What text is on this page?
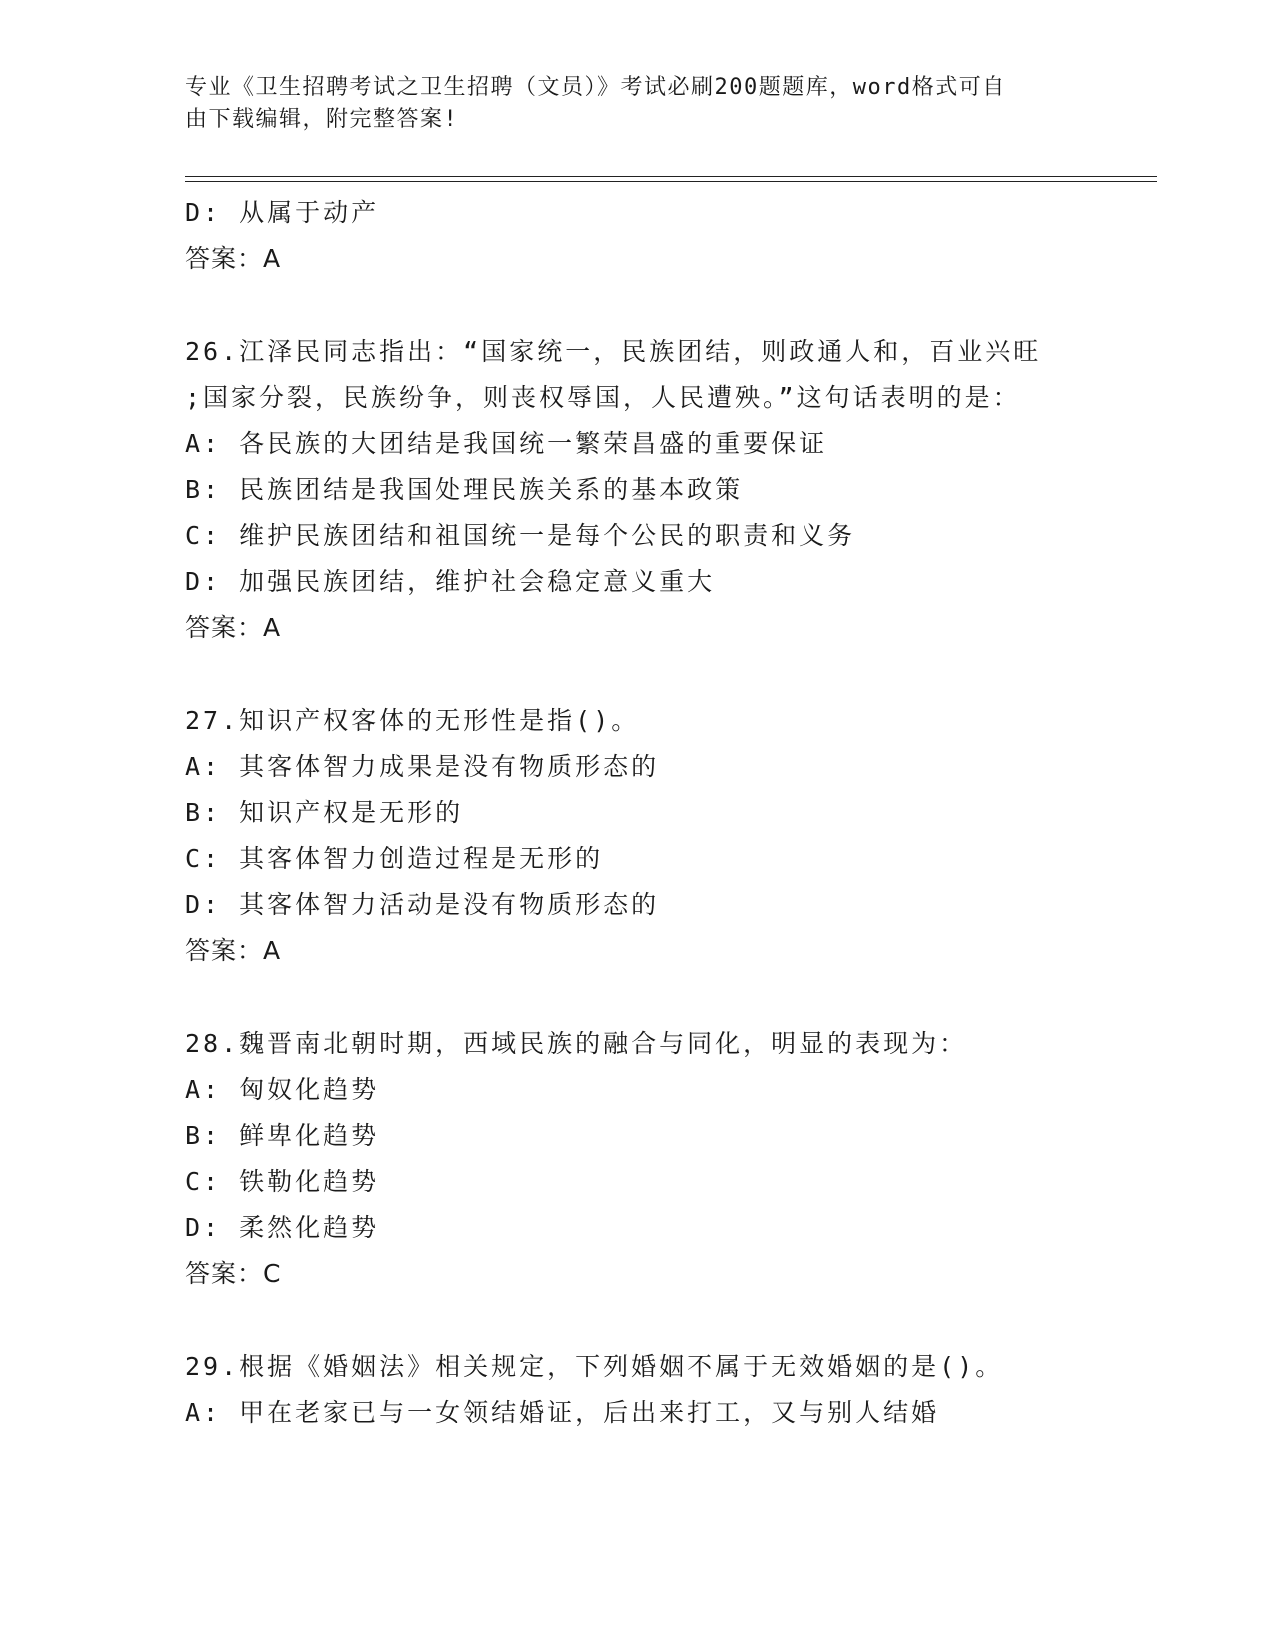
专业《卫生招聘考试之卫生招聘（文员）》考试必刷200题题库，word格式可自
由下载编辑，附完整答案!
D: 从属于动产
答案：A
26.江泽民同志指出：“国家统一，民族团结，则政通人和，百业兴旺
;国家分裂，民族纷争，则丧权辱国，人民遭殃。”这句话表明的是：
A: 各民族的大团结是我国统一繁荣昌盛的重要保证
B: 民族团结是我国处理民族关系的基本政策
C: 维护民族团结和祖国统一是每个公民的职责和义务
D: 加强民族团结，维护社会稳定意义重大
答案：A
27.知识产权客体的无形性是指()。
A: 其客体智力成果是没有物质形态的
B: 知识产权是无形的
C: 其客体智力创造过程是无形的
D: 其客体智力活动是没有物质形态的
答案：A
28.魏晋南北朝时期，西域民族的融合与同化，明显的表现为：
A: 匈奴化趋势
B: 鲜卑化趋势
C: 铁勒化趋势
D: 柔然化趋势
答案：C
29.根据《婚姻法》相关规定，下列婚姻不属于无效婚姻的是()。
A: 甲在老家已与一女领结婚证，后出来打工，又与别人结婚
